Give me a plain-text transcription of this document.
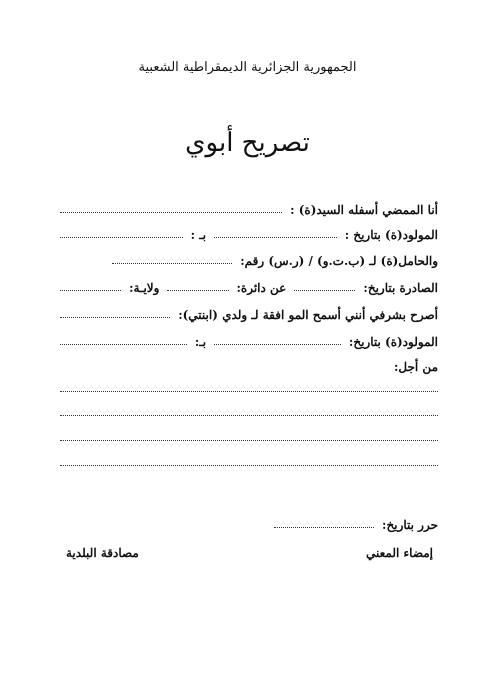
الجمهورية الجزائرية الديمقراطية الشعبية
تصريح أبوي
أنا الممضي أسفله السيد(ة) :
المولود(ة) بتاريخ :
بـ :
والحامل(ة) لـ (ب.ت.و) / (ر.س) رقم:
الصادرة بتاريخ:
عن دائرة:
ولايـة:
أصرح بشرفي أنني أسمح المو افقة لـ ولدي (ابنتي):
المولود(ة) بتاريخ:
بـ:
من أجل:
حرر بتاريخ:
إمضاء المعني
مصادقة البلدية
